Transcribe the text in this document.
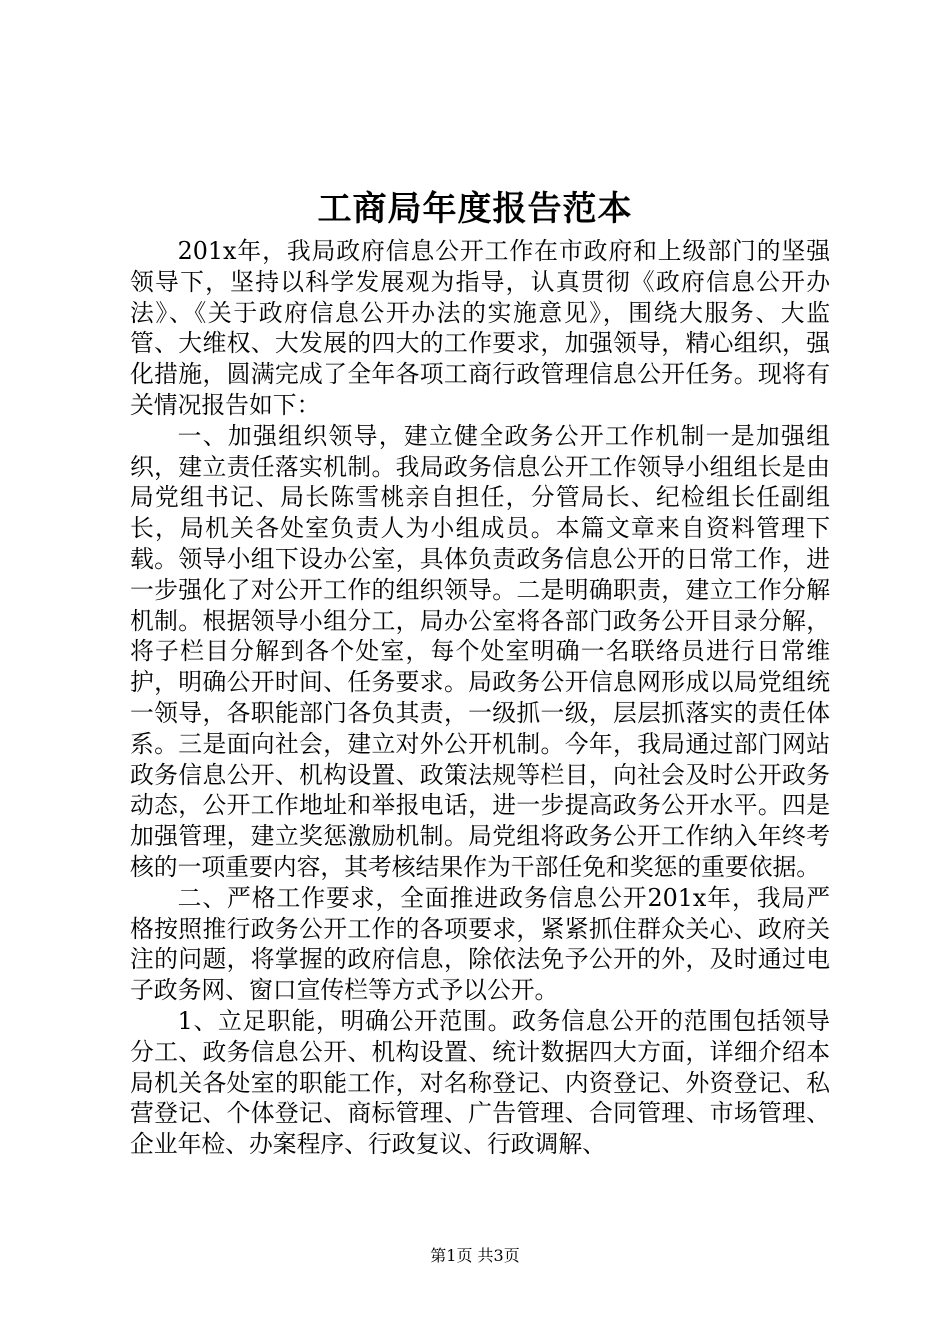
工商局年度报告范本

201x年，我局政府信息公开工作在市政府和上级部门的坚强领导下，坚持以科学发展观为指导，认真贯彻《政府信息公开办法》、《关于政府信息公开办法的实施意见》，围绕大服务、大监管、大维权、大发展的四大的工作要求，加强领导，精心组织，强化措施，圆满完成了全年各项工商行政管理信息公开任务。现将有关情况报告如下：

一、加强组织领导，建立健全政务公开工作机制一是加强组织，建立责任落实机制。我局政务信息公开工作领导小组组长是由局党组书记、局长陈雪桃亲自担任，分管局长、纪检组长任副组长，局机关各处室负责人为小组成员。本篇文章来自资料管理下载。领导小组下设办公室，具体负责政务信息公开的日常工作，进一步强化了对公开工作的组织领导。二是明确职责，建立工作分解机制。根据领导小组分工，局办公室将各部门政务公开目录分解，将子栏目分解到各个处室，每个处室明确一名联络员进行日常维护，明确公开时间、任务要求。局政务公开信息网形成以局党组统一领导，各职能部门各负其责，一级抓一级，层层抓落实的责任体系。三是面向社会，建立对外公开机制。今年，我局通过部门网站政务信息公开、机构设置、政策法规等栏目，向社会及时公开政务动态，公开工作地址和举报电话，进一步提高政务公开水平。四是加强管理，建立奖惩激励机制。局党组将政务公开工作纳入年终考核的一项重要内容，其考核结果作为干部任免和奖惩的重要依据。

二、严格工作要求，全面推进政务信息公开201x年，我局严格按照推行政务公开工作的各项要求，紧紧抓住群众关心、政府关注的问题，将掌握的政府信息，除依法免予公开的外，及时通过电子政务网、窗口宣传栏等方式予以公开。

1、立足职能，明确公开范围。政务信息公开的范围包括领导分工、政务信息公开、机构设置、统计数据四大方面，详细介绍本局机关各处室的职能工作，对名称登记、内资登记、外资登记、私营登记、个体登记、商标管理、广告管理、合同管理、市场管理、企业年检、办案程序、行政复议、行政调解、

第1页 共3页
